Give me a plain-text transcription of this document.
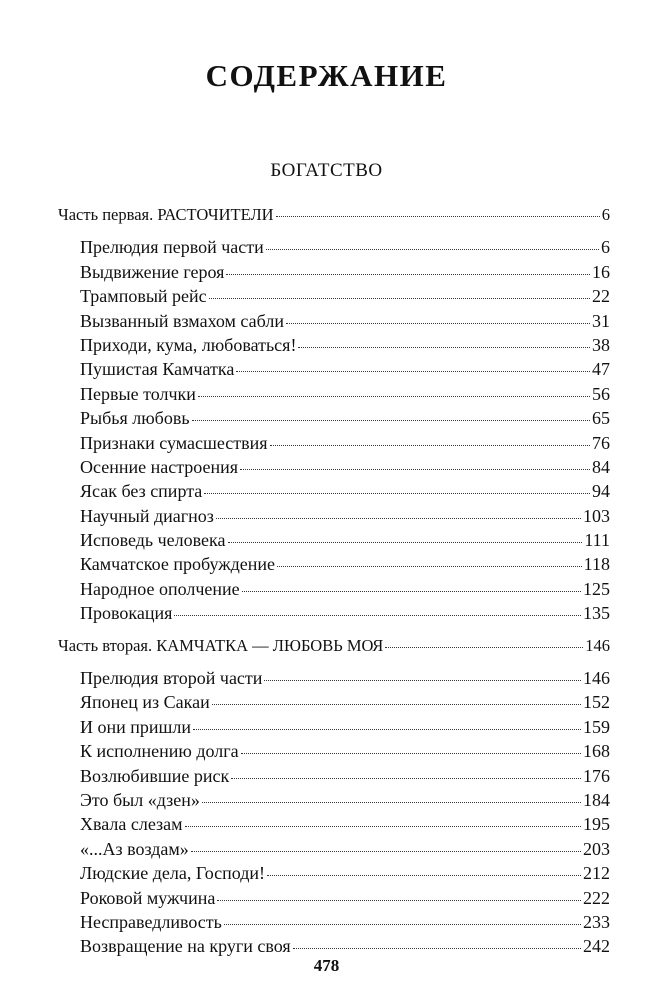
СОДЕРЖАНИЕ
БОГАТСТВО
Часть первая. РАСТОЧИТЕЛИ	6
Прелюдия первой части	6
Выдвижение героя	16
Трамповый рейс	22
Вызванный взмахом сабли	31
Приходи, кума, любоваться!	38
Пушистая Камчатка	47
Первые толчки	56
Рыбья любовь	65
Признаки сумасшествия	76
Осенние настроения	84
Ясак без спирта	94
Научный диагноз	103
Исповедь человека	111
Камчатское пробуждение	118
Народное ополчение	125
Провокация	135
Часть вторая. КАМЧАТКА — ЛЮБОВЬ МОЯ	146
Прелюдия второй части	146
Японец из Сакаи	152
И они пришли	159
К исполнению долга	168
Возлюбившие риск	176
Это был «дзен»	184
Хвала слезам	195
«...Аз воздам»	203
Людские дела, Господи!	212
Роковой мужчина	222
Несправедливость	233
Возвращение на круги своя	242
478
